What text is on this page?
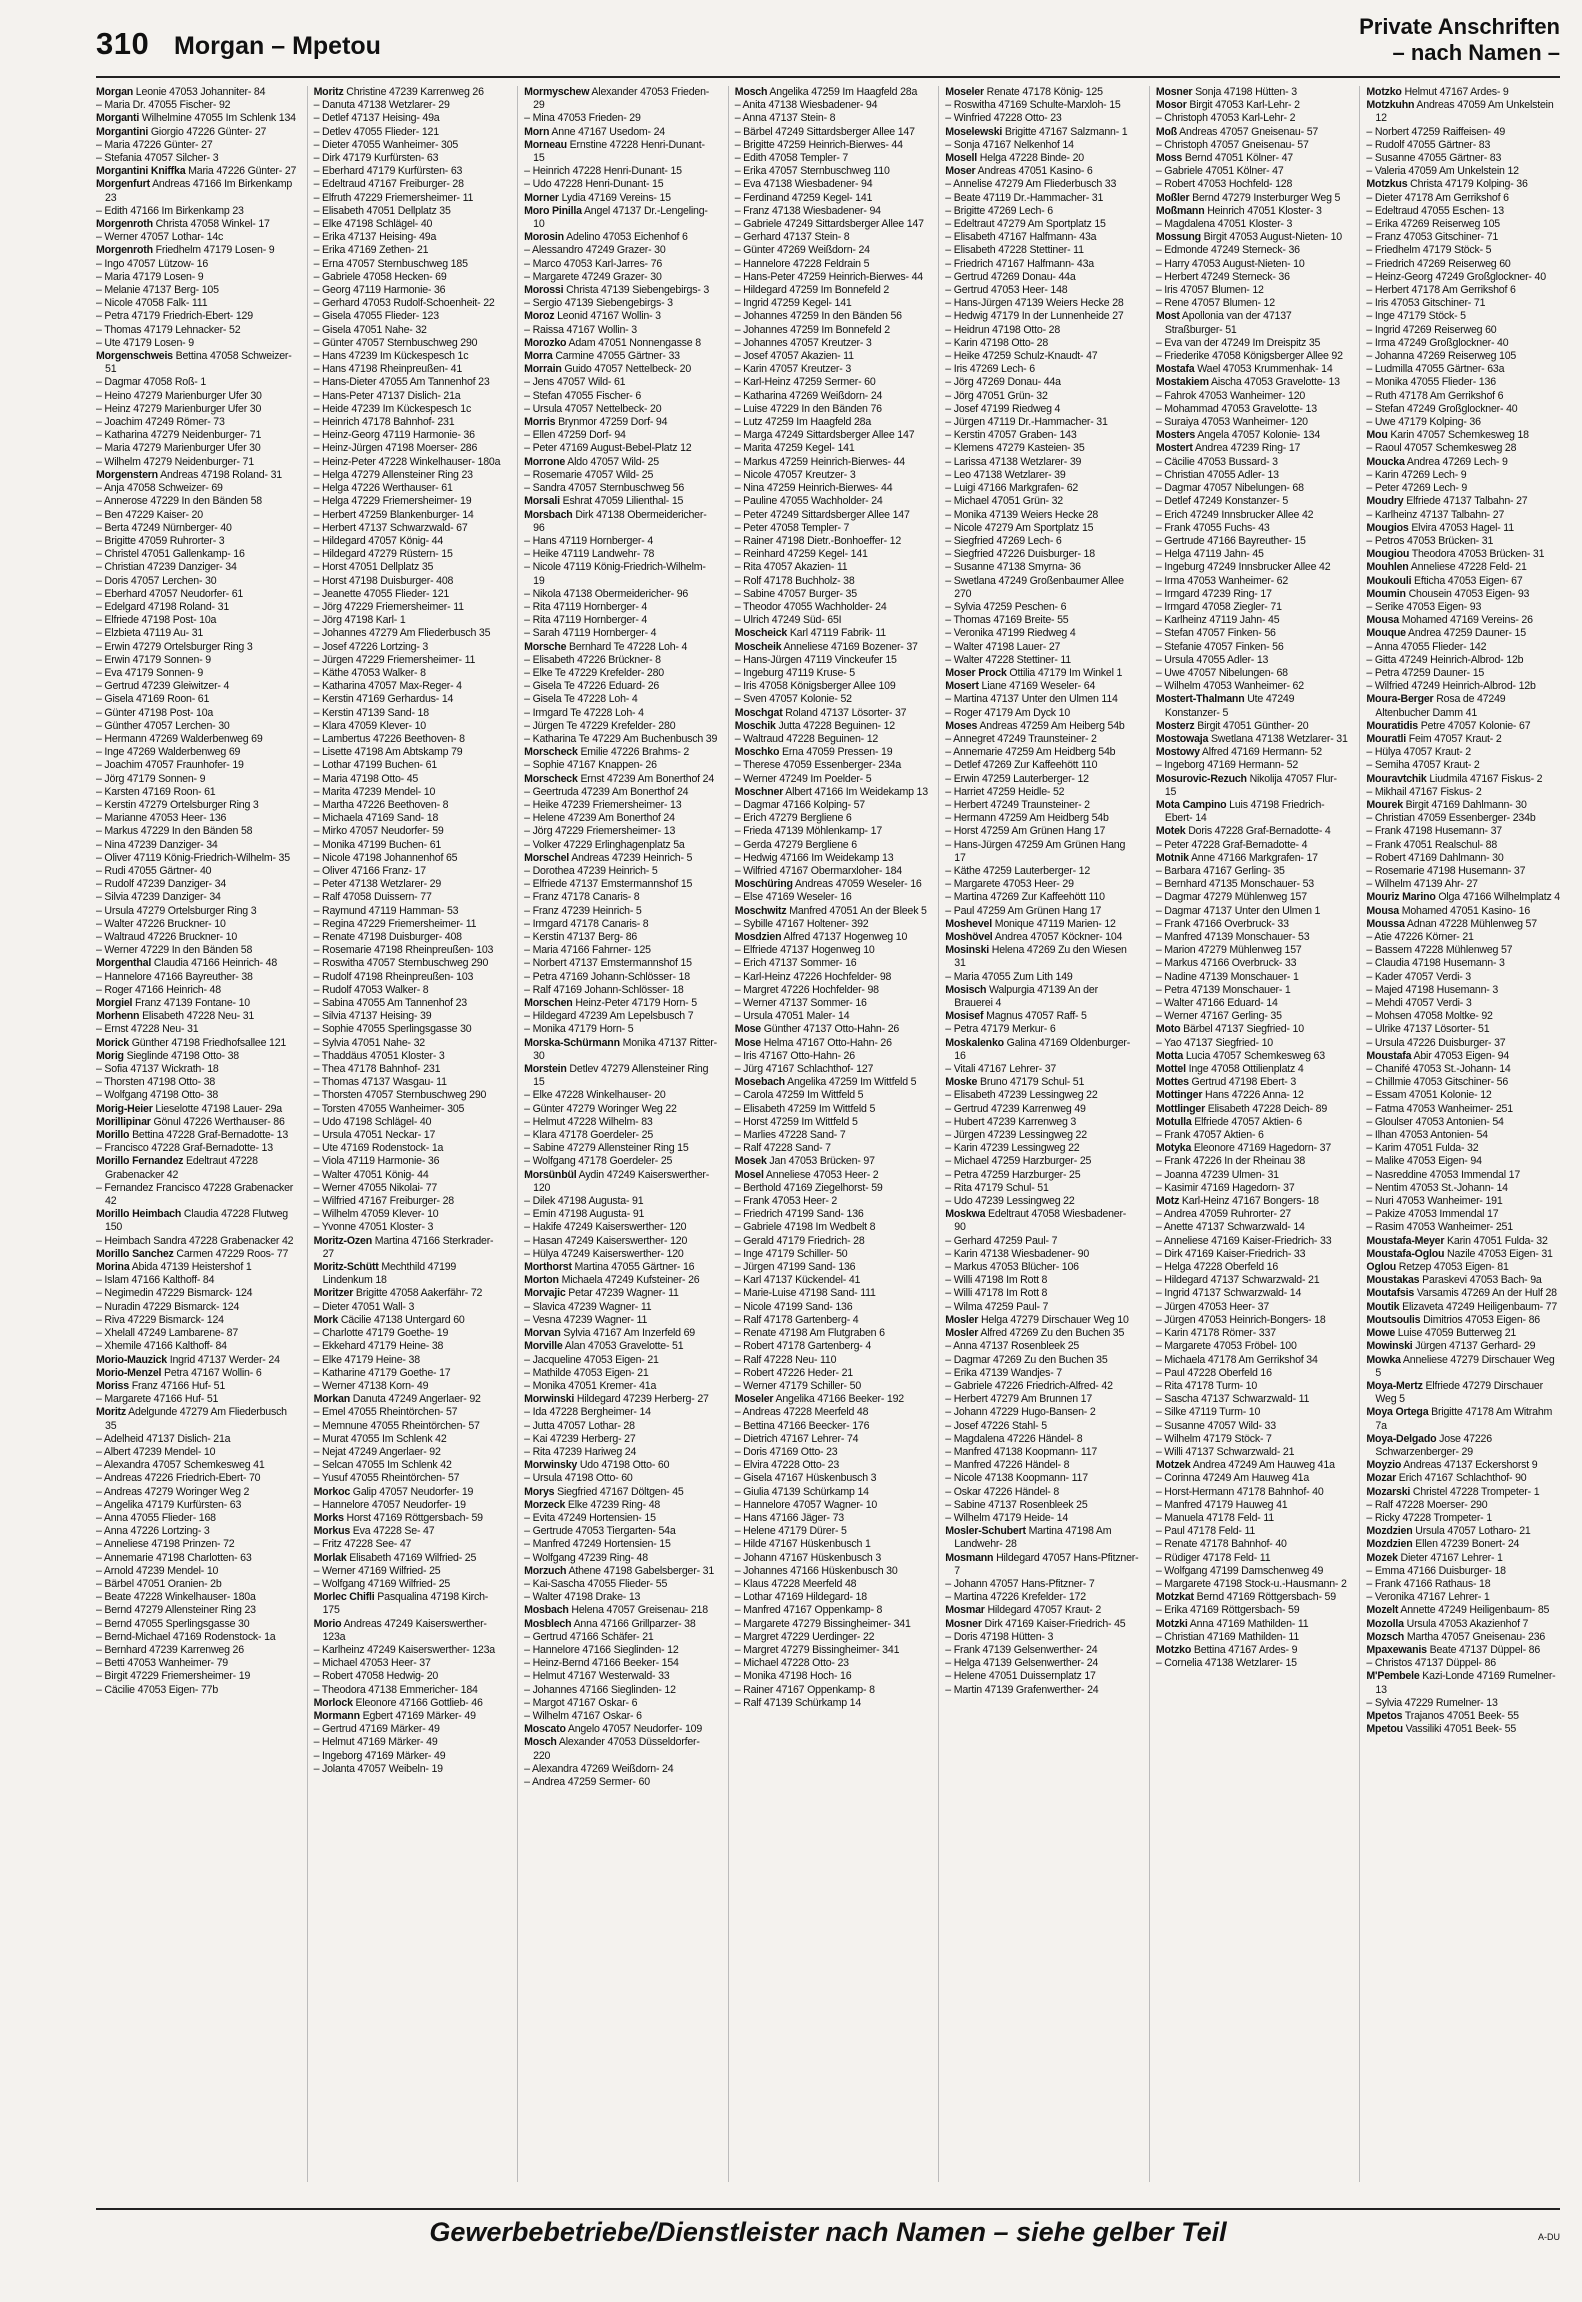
310 Morgan – Mpetou
Private Anschriften
– nach Namen –
Morgan Leonie 47053 Johanniter- 84
– Maria Dr. 47055 Fischer- 92
Morganti Wilhelmine 47055 Im Schlenk 134
Morgantini Giorgio 47226 Günter- 27
– Maria 47226 Günter- 27
– Stefania 47057 Silcher- 3
Morgantini Kniffka Maria 47226 Günter- 27
Morgenfurt Andreas 47166 Im Birkenkamp 23
– Edith 47166 Im Birkenkamp 23
Morgenroth Christa 47058 Winkel- 17
– Werner 47057 Lothar- 14c
Morgenroth Friedhelm 47179 Losen- 9
– Ingo 47057 Lützow- 16
– Maria 47179 Losen- 9
– Melanie 47137 Berg- 105
– Nicole 47058 Falk- 111
– Petra 47179 Friedrich-Ebert- 129
– Thomas 47179 Lehnacker- 52
– Ute 47179 Losen- 9
Morgenschweis Bettina 47058 Schweizer- 51
– Dagmar 47058 Roß- 1
– Heino 47279 Marienburger Ufer 30
– Heinz 47279 Marienburger Ufer 30
– Joachim 47249 Römer- 73
– Katharina 47279 Neidenburger- 71
– Maria 47279 Marienburger Ufer 30
– Wilhelm 47279 Neidenburger- 71
Morgenstern Andreas 47198 Roland- 31
– Anja 47058 Schweizer- 69
– Annerose 47229 In den Bänden 58
– Ben 47229 Kaiser- 20
– Berta 47249 Nürnberger- 40
– Brigitte 47059 Ruhrorter- 3
– Christel 47051 Gallenkamp- 16
– Christian 47239 Danziger- 34
– Doris 47057 Lerchen- 30
– Eberhard 47057 Neudorfer- 61
– Edelgard 47198 Roland- 31
– Elfriede 47198 Post- 10a
– Elzbieta 47119 Au- 31
– Erwin 47279 Ortelsburger Ring 3
– Erwin 47179 Sonnen- 9
– Eva 47179 Sonnen- 9
– Gertrud 47239 Gleiwitzer- 4
– Gisela 47169 Roon- 61
– Günter 47198 Post- 10a
– Günther 47057 Lerchen- 30
– Hermann 47269 Walderbenweg 69
– Inge 47269 Walderbenweg 69
– Joachim 47057 Fraunhofer- 19
– Jörg 47179 Sonnen- 9
– Karsten 47169 Roon- 61
– Kerstin 47279 Ortelsburger Ring 3
– Marianne 47053 Heer- 136
– Markus 47229 In den Bänden 58
– Nina 47239 Danziger- 34
– Oliver 47119 König-Friedrich-Wilhelm- 35
– Rudi 47055 Gärtner- 40
– Rudolf 47239 Danziger- 34
– Silvia 47239 Danziger- 34
– Ursula 47279 Ortelsburger Ring 3
– Walter 47226 Bruckner- 10
– Waltraud 47226 Bruckner- 10
– Werner 47229 In den Bänden 58
Morgenthal Claudia 47166 Heinrich- 48
– Hannelore 47166 Bayreuther- 38
– Roger 47166 Heinrich- 48
Morgiel Franz 47139 Fontane- 10
Morhenn Elisabeth 47228 Neu- 31
– Ernst 47228 Neu- 31
Morick Günther 47198 Friedhofsallee 121
Morig Sieglinde 47198 Otto- 38
– Sofia 47137 Wickrath- 18
– Thorsten 47198 Otto- 38
– Wolfgang 47198 Otto- 38
Morig-Heier Lieselotte 47198 Lauer- 29a
Morillipinar Gönul 47226 Werthauser- 86
Morillo Bettina 47228 Graf-Bernadotte- 13
– Francisco 47228 Graf-Bernadotte- 13
Morillo Fernandez Edeltraut 47228 Grabenacker 42
– Fernandez Francisco 47228 Grabenacker 42
Morillo Heimbach Claudia 47228 Flutweg 150
– Heimbach Sandra 47228 Grabenacker 42
Morillo Sanchez Carmen 47229 Roos- 77
Morina Abida 47139 Heistershof 1
– Islam 47166 Kalthoff- 84
– Negimedin 47229 Bismarck- 124
– Nuradin 47229 Bismarck- 124
– Riva 47229 Bismarck- 124
– Xhelall 47249 Lambarene- 87
– Xhemile 47166 Kalthoff- 84
Morio-Mauzick Ingrid 47137 Werder- 24
Morio-Menzel Petra 47167 Wollin- 6
Moriss Franz 47166 Huf- 51
– Margarete 47166 Huf- 51
Moritz Adelgunde 47279 Am Fliederbusch 35
– Adelheid 47137 Dislich- 21a
– Albert 47239 Mendel- 10
– Alexandra 47057 Schemkesweg 41
– Andreas 47226 Friedrich-Ebert- 70
– Andreas 47279 Woringer Weg 2
– Angelika 47179 Kurfürsten- 63
– Anna 47055 Flieder- 168
– Anna 47226 Lortzing- 3
– Anneliese 47198 Prinzen- 72
– Annemarie 47198 Charlotten- 63
– Arnold 47239 Mendel- 10
– Bärbel 47051 Oranien- 2b
– Beate 47228 Winkelhauser- 180a
– Bernd 47279 Allensteiner Ring 23
– Bernd 47055 Sperlingsgasse 30
– Bernd-Michael 47169 Rodenstock- 1a
– Bernhard 47239 Karrenweg 26
– Betti 47053 Wanheimer- 79
– Birgit 47229 Friemersheimer- 19
– Cäcilie 47053 Eigen- 77b
Moritz Christine 47239 Karrenweg 26
– Danuta 47138 Wetzlarer- 29
– Detlef 47137 Heising- 49a
– Detlev 47055 Flieder- 121
– Dieter 47055 Wanheimer- 305
– Dirk 47179 Kurfürsten- 63
– Eberhard 47179 Kurfürsten- 63
– Edeltraud 47167 Freiburger- 28
– Elfruth 47229 Friemersheimer- 11
– Elisabeth 47051 Dellplatz 35
– Elke 47198 Schlägel- 40
– Erika 47137 Heising- 49a
– Erika 47169 Zethen- 21
– Erna 47057 Sternbuschweg 185
– Gabriele 47058 Hecken- 69
– Georg 47119 Harmonie- 36
– Gerhard 47053 Rudolf-Schoenheit- 22
– Gisela 47055 Flieder- 123
– Gisela 47051 Nahe- 32
– Günter 47057 Sternbuschweg 290
– Hans 47239 Im Kückespesch 1c
– Hans 47198 Rheinpreußen- 41
– Hans-Dieter 47055 Am Tannenhof 23
– Hans-Peter 47137 Dislich- 21a
– Heide 47239 Im Kückespesch 1c
– Heinrich 47178 Bahnhof- 231
– Heinz-Georg 47119 Harmonie- 36
– Heinz-Jürgen 47198 Moerser- 286
– Heinz-Peter 47228 Winkelhauser- 180a
– Helga 47279 Allensteiner Ring 23
– Helga 47226 Werthauser- 61
– Helga 47229 Friemersheimer- 19
– Herbert 47259 Blankenburger- 14
– Herbert 47137 Schwarzwald- 67
– Hildegard 47057 König- 44
– Hildegard 47279 Rüstern- 15
– Horst 47051 Dellplatz 35
– Horst 47198 Duisburger- 408
– Jeanette 47055 Flieder- 121
– Jörg 47229 Friemersheimer- 11
– Jörg 47198 Karl- 1
– Johannes 47279 Am Fliederbusch 35
– Josef 47226 Lortzing- 3
– Jürgen 47229 Friemersheimer- 11
– Käthe 47053 Walker- 8
– Katharina 47057 Max-Reger- 4
– Kerstin 47169 Gerhardus- 14
– Kerstin 47139 Sand- 18
– Klara 47059 Klever- 10
– Lambertus 47226 Beethoven- 8
– Lisette 47198 Am Abtskamp 79
– Lothar 47199 Buchen- 61
– Maria 47198 Otto- 45
– Marita 47239 Mendel- 10
– Martha 47226 Beethoven- 8
– Michaela 47169 Sand- 18
– Mirko 47057 Neudorfer- 59
– Monika 47199 Buchen- 61
– Nicole 47198 Johannenhof 65
– Oliver 47166 Franz- 17
– Peter 47138 Wetzlarer- 29
– Ralf 47058 Duissern- 77
– Raymund 47119 Hamman- 53
– Regina 47229 Friemersheimer- 11
– Renate 47198 Duisburger- 408
– Rosemarie 47198 Rheinpreußen- 103
– Roswitha 47057 Sternbuschweg 290
– Rudolf 47198 Rheinpreußen- 103
– Rudolf 47053 Walker- 8
– Sabina 47055 Am Tannenhof 23
– Silvia 47137 Heising- 39
– Sophie 47055 Sperlingsgasse 30
– Sylvia 47051 Nahe- 32
– Thaddäus 47051 Kloster- 3
– Thea 47178 Bahnhof- 231
– Thomas 47137 Wasgau- 11
– Thorsten 47057 Sternbuschweg 290
– Torsten 47055 Wanheimer- 305
– Udo 47198 Schlägel- 40
– Ursula 47051 Neckar- 17
– Ute 47169 Rodenstock- 1a
– Viola 47119 Harmonie- 36
– Walter 47051 König- 44
– Werner 47055 Nikolai- 77
– Wilfried 47167 Freiburger- 28
– Wilhelm 47059 Klever- 10
– Yvonne 47051 Kloster- 3
Moritz-Ozen Martina 47166 Sterkrader- 27
Moritz-Schütt Mechthild 47199 Lindenkum 18
Moritzer Brigitte 47058 Aakerfähr- 72
– Dieter 47051 Wall- 3
Mork Cäcilie 47138 Untergard 60
– Charlotte 47179 Goethe- 19
– Ekkehard 47179 Heine- 38
– Elke 47179 Heine- 38
– Katharine 47179 Goethe- 17
– Werner 47138 Korn- 49
Morkan Danuta 47249 Angerlaer- 92
– Emel 47055 Rheintörchen- 57
– Memnune 47055 Rheintörchen- 57
– Murat 47055 Im Schlenk 42
– Nejat 47249 Angerlaer- 92
– Selcan 47055 Im Schlenk 42
– Yusuf 47055 Rheintörchen- 57
Morkoc Galip 47057 Neudorfer- 19
– Hannelore 47057 Neudorfer- 19
Morks Horst 47169 Röttgersbach- 59
Morkus Eva 47228 Se- 47
– Fritz 47228 See- 47
Morlak Elisabeth 47169 Wilfried- 25
– Werner 47169 Wilfried- 25
– Wolfgang 47169 Wilfried- 25
Morlec Chifli Pasqualina 47198 Kirch- 175
Morio Andreas 47249 Kaiserswerther- 123a
– Karlheinz 47249 Kaiserswerther- 123a
– Michael 47053 Heer- 37
– Robert 47058 Hedwig- 20
– Theodora 47138 Emmericher- 184
Morlock Eleonore 47166 Gottlieb- 46
Mormann Egbert 47169 Märker- 49
– Gertrud 47169 Märker- 49
– Helmut 47169 Märker- 49
– Ingeborg 47169 Märker- 49
– Jolanta 47057 Weibeln- 19
Mormyschew Alexander 47053 Frieden- 29
– Mina 47053 Frieden- 29
Morn Anne 47167 Usedom- 24
Morneau Ernstine 47228 Henri-Dunant- 15
– Heinrich 47228 Henri-Dunant- 15
– Udo 47228 Henri-Dunant- 15
Morner Lydia 47169 Vereins- 15
Moro Pinilla Angel 47137 Dr.-Lengeling- 10
Morosin Adelino 47053 Eichenhof 6
– Alessandro 47249 Grazer- 30
– Marco 47053 Karl-Jarres- 76
– Margarete 47249 Grazer- 30
Morossi Christa 47139 Siebengebirgs- 3
– Sergio 47139 Siebengebirgs- 3
Moroz Leonid 47167 Wollin- 3
– Raissa 47167 Wollin- 3
Morozko Adam 47051 Nonnengasse 8
Morra Carmine 47055 Gärtner- 33
Morrain Guido 47057 Nettelbeck- 20
– Jens 47057 Wild- 61
– Stefan 47055 Fischer- 6
– Ursula 47057 Nettelbeck- 20
Morris Brynmor 47259 Dorf- 94
– Ellen 47259 Dorf- 94
– Peter 47169 August-Bebel-Platz 12
Morrone Aldo 47057 Wild- 25
– Rosemarie 47057 Wild- 25
– Sandra 47057 Sternbuschweg 56
Morsali Eshrat 47059 Lilienthal- 15
Morsbach Dirk 47138 Obermeidericher- 96
– Hans 47119 Hornberger- 4
– Heike 47119 Landwehr- 78
– Nicole 47119 König-Friedrich-Wilhelm- 19
– Nikola 47138 Obermeidericher- 96
– Rita 47119 Hornberger- 4
– Rita 47119 Hornberger- 4
– Sarah 47119 Hornberger- 4
Morsche Bernhard Te 47228 Loh- 4
– Elisabeth 47226 Brückner- 8
– Elke Te 47229 Krefelder- 280
– Gisela Te 47226 Eduard- 26
– Gisela Te 47228 Loh- 4
– Irmgard Te 47228 Loh- 4
– Jürgen Te 47229 Krefelder- 280
– Katharina Te 47229 Am Buchenbusch 39
Morscheck Emilie 47226 Brahms- 2
– Sophie 47167 Knappen- 26
Morscheck Ernst 47239 Am Bonerthof 24
– Geertruda 47239 Am Bonerthof 24
– Heike 47239 Friemersheimer- 13
– Helene 47239 Am Bonerthof 24
– Jörg 47229 Friemersheimer- 13
– Volker 47229 Erlinghagenplatz 5a
Morschel Andreas 47239 Heinrich- 5
– Dorothea 47239 Heinrich- 5
– Elfriede 47137 Emstermannshof 15
– Franz 47178 Canaris- 8
– Franz 47239 Heinrich- 5
– Irmgard 47178 Canaris- 8
– Kerstin 47137 Berg- 86
– Maria 47166 Fahrner- 125
– Norbert 47137 Emstermannshof 15
– Petra 47169 Johann-Schlösser- 18
– Ralf 47169 Johann-Schlösser- 18
Morschen Heinz-Peter 47179 Horn- 5
– Hildegard 47239 Am Lepelsbusch 7
– Monika 47179 Horn- 5
Morska-Schürmann Monika 47137 Ritter- 30
Morstein Detlev 47279 Allensteiner Ring 15
– Elke 47228 Winkelhauser- 20
– Günter 47279 Woringer Weg 22
– Helmut 47228 Wilhelm- 83
– Klara 47178 Goerdeler- 25
– Sabine 47279 Allensteiner Ring 15
– Wolfgang 47178 Goerdeler- 25
Morsünbül Aydin 47249 Kaiserswerther- 120
– Dilek 47198 Augusta- 91
– Emin 47198 Augusta- 91
– Hakife 47249 Kaiserswerther- 120
– Hasan 47249 Kaiserswerther- 120
– Hülya 47249 Kaiserswerther- 120
Morthorst Martina 47055 Gärtner- 16
Morton Michaela 47249 Kufsteiner- 26
Morvajic Petar 47239 Wagner- 11
– Slavica 47239 Wagner- 11
– Vesna 47239 Wagner- 11
Morvan Sylvia 47167 Am Inzerfeld 69
Morville Alan 47053 Gravelotte- 51
– Jacqueline 47053 Eigen- 21
– Mathilde 47053 Eigen- 21
– Monika 47051 Kremer- 41a
Morwinski Hildegard 47239 Herberg- 27
– Ida 47228 Bergheimer- 14
– Jutta 47057 Lothar- 28
– Kai 47239 Herberg- 27
– Rita 47239 Hariweg 24
Morwinsky Udo 47198 Otto- 60
– Ursula 47198 Otto- 60
Morys Siegfried 47167 Döltgen- 45
Morzeck Elke 47239 Ring- 48
– Evita 47249 Hortensien- 15
– Gertrude 47053 Tiergarten- 54a
– Manfred 47249 Hortensien- 15
– Wolfgang 47239 Ring- 48
Morzuch Athene 47198 Gabelsberger- 31
– Kai-Sascha 47055 Flieder- 55
– Walter 47198 Drake- 13
Mosbach Helena 47057 Greisenau- 218
Mosblech Anna 47166 Grillparzer- 38
– Gertrud 47166 Schäfer- 21
– Hannelore 47166 Sieglinden- 12
– Heinz-Bernd 47166 Beeker- 154
– Helmut 47167 Westerwald- 33
– Johannes 47166 Sieglinden- 12
– Margot 47167 Oskar- 6
– Wilhelm 47167 Oskar- 6
Moscato Angelo 47057 Neudorfer- 109
Mosch Alexander 47053 Düsseldorfer- 220
– Alexandra 47269 Weißdorn- 24
– Andrea 47259 Sermer- 60
Mosch Angelika 47259 Im Haagfeld 28a
– Anita 47138 Wiesbadener- 94
– Anna 47137 Stein- 8
– Bärbel 47249 Sittardsberger Allee 147
– Brigitte 47259 Heinrich-Bierwes- 44
– Edith 47058 Templer- 7
– Erika 47057 Sternbuschweg 110
– Eva 47138 Wiesbadener- 94
– Ferdinand 47259 Kegel- 141
– Franz 47138 Wiesbadener- 94
– Gabriele 47249 Sittardsberger Allee 147
– Gerhard 47137 Stein- 8
– Günter 47269 Weißdorn- 24
– Hannelore 47228 Feldrain 5
– Hans-Peter 47259 Heinrich-Bierwes- 44
– Hildegard 47259 Im Bonnefeld 2
– Ingrid 47259 Kegel- 141
– Johannes 47259 In den Bänden 56
– Johannes 47259 Im Bonnefeld 2
– Johannes 47057 Kreutzer- 3
– Josef 47057 Akazien- 11
– Karin 47057 Kreutzer- 3
– Karl-Heinz 47259 Sermer- 60
– Katharina 47269 Weißdorn- 24
– Luise 47229 In den Bänden 76
– Lutz 47259 Im Haagfeld 28a
– Marga 47249 Sittardsberger Allee 147
– Marita 47259 Kegel- 141
– Markus 47259 Heinrich-Bierwes- 44
– Nicole 47057 Kreutzer- 3
– Nina 47259 Heinrich-Bierwes- 44
– Pauline 47055 Wachholder- 24
– Peter 47249 Sittardsberger Allee 147
– Peter 47058 Templer- 7
– Rainer 47198 Dietr.-Bonhoeffer- 12
– Reinhard 47259 Kegel- 141
– Rita 47057 Akazien- 11
– Rolf 47178 Buchholz- 38
– Sabine 47057 Burger- 35
– Theodor 47055 Wachholder- 24
– Ulrich 47249 Süd- 65I
Moscheick Karl 47119 Fabrik- 11
Moscheik Anneliese 47169 Bozener- 37
– Hans-Jürgen 47119 Vinckeufer 15
– Ingeburg 47119 Kruse- 5
– Iris 47058 Königsberger Allee 109
– Sven 47057 Kolonie- 52
Moschgat Roland 47137 Lösorter- 37
Moschik Jutta 47228 Beguinen- 12
– Waltraud 47228 Beguinen- 12
Moschko Erna 47059 Pressen- 19
– Therese 47059 Essenberger- 234a
– Werner 47249 Im Poelder- 5
Moschner Albert 47166 Im Weidekamp 13
– Dagmar 47166 Kolping- 57
– Erich 47279 Bergliene 6
– Frieda 47139 Möhlenkamp- 17
– Gerda 47279 Bergliene 6
– Hedwig 47166 Im Weidekamp 13
– Wilfried 47167 Obermarxloher- 184
Moschüring Andreas 47059 Weseler- 16
– Else 47169 Weseler- 16
Moschwitz Manfred 47051 An der Bleek 5
– Sybille 47167 Holtener- 392
Mosdzien Alfred 47137 Hogenweg 10
– Elfriede 47137 Hogenweg 10
– Erich 47137 Sommer- 16
– Karl-Heinz 47226 Hochfelder- 98
– Margret 47226 Hochfelder- 98
– Werner 47137 Sommer- 16
– Ursula 47051 Maler- 14
Mose Günther 47137 Otto-Hahn- 26
Mose Helma 47167 Otto-Hahn- 26
– Iris 47167 Otto-Hahn- 26
– Jürg 47167 Schlachthof- 127
Mosebach Angelika 47259 Im Wittfeld 5
– Carola 47259 Im Wittfeld 5
– Elisabeth 47259 Im Wittfeld 5
– Horst 47259 Im Wittfeld 5
– Marlies 47228 Sand- 7
– Ralf 47228 Sand- 7
Mosek Jan 47053 Brücken- 97
Mosel Anneliese 47053 Heer- 2
– Berthold 47169 Ziegelhorst- 59
– Frank 47053 Heer- 2
– Friedrich 47199 Sand- 136
– Gabriele 47198 Im Wedbelt 8
– Gerald 47179 Friedrich- 28
– Inge 47179 Schiller- 50
– Jürgen 47199 Sand- 136
– Karl 47137 Kückendel- 41
– Marie-Luise 47198 Sand- 111
– Nicole 47199 Sand- 136
– Ralf 47178 Gartenberg- 4
– Renate 47198 Am Flutgraben 6
– Robert 47178 Gartenberg- 4
– Ralf 47228 Neu- 110
– Robert 47226 Heder- 21
– Werner 47179 Schiller- 50
Moseler Angelika 47166 Beeker- 192
– Andreas 47228 Meerfeld 48
– Bettina 47166 Beecker- 176
– Dietrich 47167 Lehrer- 74
– Doris 47169 Otto- 23
– Elvira 47228 Otto- 23
– Gisela 47167 Hüskenbusch 3
– Giulia 47139 Schürkamp 14
– Hannelore 47057 Wagner- 10
– Hans 47166 Jäger- 73
– Helene 47179 Dürer- 5
– Hilde 47167 Hüskenbusch 1
– Johann 47167 Hüskenbusch 3
– Johannes 47166 Hüskenbusch 30
– Klaus 47228 Meerfeld 48
– Lothar 47169 Hildegard- 18
– Manfred 47167 Oppenkamp- 8
– Margarete 47279 Bissingheimer- 341
– Margret 47229 Uerdinger- 22
– Margret 47279 Bissingheimer- 341
– Michael 47228 Otto- 23
– Monika 47198 Hoch- 16
– Rainer 47167 Oppenkamp- 8
– Ralf 47139 Schürkamp 14
Moseler Renate 47178 König- 125
– Roswitha 47169 Schulte-Marxloh- 15
– Winfried 47228 Otto- 23
Moselewski Brigitte 47167 Salzmann- 1
– Sonja 47167 Nelkenhof 14
Mosell Helga 47228 Binde- 20
Moser Andreas 47051 Kasino- 6
– Annelise 47279 Am Fliederbusch 33
– Beate 47119 Dr.-Hammacher- 31
– Brigitte 47269 Lech- 6
– Edeltraut 47279 Am Sportplatz 15
– Elisabeth 47167 Halfmann- 43a
– Elisabeth 47228 Stettiner- 11
– Friedrich 47167 Halfmann- 43a
– Gertrud 47269 Donau- 44a
– Gertrud 47053 Heer- 148
– Hans-Jürgen 47139 Weiers Hecke 28
– Hedwig 47179 In der Lunnenheide 27
– Heidrun 47198 Otto- 28
– Karin 47198 Otto- 28
– Heike 47259 Schulz-Knaudt- 47
– Iris 47269 Lech- 6
– Jörg 47269 Donau- 44a
– Jörg 47051 Grün- 32
– Josef 47199 Riedweg 4
– Jürgen 47119 Dr.-Hammacher- 31
– Kerstin 47057 Graben- 143
– Klemens 47279 Kasteien- 35
– Larissa 47138 Wetzlarer- 39
– Leo 47138 Wetzlarer- 39
– Luigi 47166 Markgrafen- 62
– Michael 47051 Grün- 32
– Monika 47139 Weiers Hecke 28
– Nicole 47279 Am Sportplatz 15
– Siegfried 47269 Lech- 6
– Siegfried 47226 Duisburger- 18
– Susanne 47138 Smyrna- 36
– Swetlana 47249 Großenbaumer Allee 270
– Sylvia 47259 Peschen- 6
– Thomas 47169 Breite- 55
– Veronika 47199 Riedweg 4
– Walter 47198 Lauer- 27
– Walter 47228 Stettiner- 11
Moser Prock Ottilia 47179 Im Winkel 1
Mosert Liane 47169 Weseler- 64
– Martina 47137 Unter den Ulmen 114
– Roger 47179 Am Dyck 10
Moses Andreas 47259 Am Heiberg 54b
– Annegret 47249 Traunsteiner- 2
– Annemarie 47259 Am Heidberg 54b
– Detlef 47269 Zur Kaffeehött 110
– Erwin 47259 Lauterberger- 12
– Harriet 47259 Heidle- 52
– Herbert 47249 Traunsteiner- 2
– Hermann 47259 Am Heidberg 54b
– Horst 47259 Am Grünen Hang 17
– Hans-Jürgen 47259 Am Grünen Hang 17
– Käthe 47259 Lauterberger- 12
– Margarete 47053 Heer- 29
– Martina 47269 Zur Kaffeehött 110
– Paul 47259 Am Grünen Hang 17
Moshevel Monique 47119 Marien- 12
Moshövel Andrea 47057 Köckner- 104
Mosinski Helena 47269 Zu den Wiesen 31
– Maria 47055 Zum Lith 149
Mosisch Walpurgia 47139 An der Brauerei 4
Mosisef Magnus 47057 Raff- 5
– Petra 47179 Merkur- 6
Moskalenko Galina 47169 Oldenburger- 16
– Vitali 47167 Lehrer- 37
Moske Bruno 47179 Schul- 51
– Elisabeth 47239 Lessingweg 22
– Gertrud 47239 Karrenweg 49
– Hubert 47239 Karrenweg 3
– Jürgen 47239 Lessingweg 22
– Karin 47239 Lessingweg 22
– Michael 47259 Harzburger- 25
– Petra 47259 Harzburger- 25
– Rita 47179 Schul- 51
– Udo 47239 Lessingweg 22
Moskwa Edeltraut 47058 Wiesbadener- 90
– Gerhard 47259 Paul- 7
– Karin 47138 Wiesbadener- 90
– Markus 47053 Blücher- 106
– Willi 47198 Im Rott 8
– Willi 47178 Im Rott 8
– Wilma 47259 Paul- 7
Mosler Helga 47279 Dirschauer Weg 10
Mosler Alfred 47269 Zu den Buchen 35
– Anna 47137 Rosenbleek 25
– Dagmar 47269 Zu den Buchen 35
– Erika 47139 Wandjes- 7
– Gabriele 47226 Friedrich-Alfred- 42
– Herbert 47279 Am Brunnen 17
– Johann 47229 Hugo-Bansen- 2
– Josef 47226 Stahl- 5
– Magdalena 47226 Händel- 8
– Manfred 47138 Koopmann- 117
– Manfred 47226 Händel- 8
– Nicole 47138 Koopmann- 117
– Oskar 47226 Händel- 8
– Sabine 47137 Rosenbleek 25
– Wilhelm 47179 Heide- 14
Mosler-Schubert Martina 47198 Am Landwehr- 28
Mosmann Hildegard 47057 Hans-Pfitzner- 7
– Johann 47057 Hans-Pfitzner- 7
– Martina 47226 Krefelder- 172
Mosmar Hildegard 47057 Kraut- 2
Mosner Dirk 47169 Kaiser-Friedrich- 45
– Doris 47198 Hütten- 3
– Frank 47139 Gelsenwerther- 24
– Helga 47139 Gelsenwerther- 24
– Helene 47051 Duissernplatz 17
– Martin 47139 Grafenwerther- 24
Mosner Sonja 47198 Hütten- 3
Mosor Birgit 47053 Karl-Lehr- 2
– Christoph 47053 Karl-Lehr- 2
Moß Andreas 47057 Gneisenau- 57
– Christoph 47057 Gneisenau- 57
Moss Bernd 47051 Kölner- 47
– Gabriele 47051 Kölner- 47
– Robert 47053 Hochfeld- 128
Moßler Bernd 47279 Insterburger Weg 5
Moßmann Heinrich 47051 Kloster- 3
– Magdalena 47051 Kloster- 3
Mossung Birgit 47053 August-Nieten- 10
– Edmonde 47249 Sterneck- 36
– Harry 47053 August-Nieten- 10
– Herbert 47249 Sterneck- 36
– Iris 47057 Blumen- 12
– Rene 47057 Blumen- 12
Most Apollonia van der 47137 Straßburger- 51
– Eva van der 47249 Im Dreispitz 35
– Friederike 47058 Königsberger Allee 92
Mostafa Wael 47053 Krummenhak- 14
Mostakiem Aischa 47053 Gravelotte- 13
– Fahrok 47053 Wanheimer- 120
– Mohammad 47053 Gravelotte- 13
– Suraiya 47053 Wanheimer- 120
Mosters Angela 47057 Kolonie- 134
Mostert Andrea 47239 Ring- 17
– Cäcilie 47053 Bussard- 3
– Christian 47055 Adler- 13
– Dagmar 47057 Nibelungen- 68
– Detlef 47249 Konstanzer- 5
– Erich 47249 Innsbrucker Allee 42
– Frank 47055 Fuchs- 43
– Gertrude 47166 Bayreuther- 15
– Helga 47119 Jahn- 45
– Ingeburg 47249 Innsbrucker Allee 42
– Irma 47053 Wanheimer- 62
– Irmgard 47239 Ring- 17
– Irmgard 47058 Ziegler- 71
– Karlheinz 47119 Jahn- 45
– Stefan 47057 Finken- 56
– Stefanie 47057 Finken- 56
– Ursula 47055 Adler- 13
– Uwe 47057 Nibelungen- 68
– Wilhelm 47053 Wanheimer- 62
Mostert-Thalmann Ute 47249 Konstanzer- 5
Mosterz Birgit 47051 Günther- 20
Mostowaja Swetlana 47138 Wetzlarer- 31
Mostowy Alfred 47169 Hermann- 52
– Ingeborg 47169 Hermann- 52
Mosurovic-Rezuch Nikolija 47057 Flur- 15
Mota Campino Luis 47198 Friedrich-Ebert- 14
Motek Doris 47228 Graf-Bernadotte- 4
– Peter 47228 Graf-Bernadotte- 4
Motnik Anne 47166 Markgrafen- 17
– Barbara 47167 Gerling- 35
– Bernhard 47135 Monschauer- 53
– Dagmar 47279 Mühlenweg 157
– Dagmar 47137 Unter den Ulmen 1
– Frank 47166 Overbruck- 33
– Manfred 47139 Monschauer- 53
– Marion 47279 Mühlenweg 157
– Markus 47166 Overbruck- 33
– Nadine 47139 Monschauer- 1
– Petra 47139 Monschauer- 1
– Walter 47166 Eduard- 14
– Werner 47167 Gerling- 35
Moto Bärbel 47137 Siegfried- 10
– Yao 47137 Siegfried- 10
Motta Lucia 47057 Schemkesweg 63
Mottel Inge 47058 Ottilienplatz 4
Mottes Gertrud 47198 Ebert- 3
Mottinger Hans 47226 Anna- 12
Mottlinger Elisabeth 47228 Deich- 89
Motulla Elfriede 47057 Aktien- 6
– Frank 47057 Aktien- 6
Motyka Eleonore 47169 Hagedorn- 37
– Frank 47226 In der Rheinau 38
– Joanna 47239 Ulmen- 31
– Kasimir 47169 Hagedorn- 37
Motz Karl-Heinz 47167 Bongers- 18
– Andrea 47059 Ruhrorter- 27
– Anette 47137 Schwarzwald- 14
– Anneliese 47169 Kaiser-Friedrich- 33
– Dirk 47169 Kaiser-Friedrich- 33
– Helga 47228 Oberfeld 16
– Hildegard 47137 Schwarzwald- 21
– Ingrid 47137 Schwarzwald- 14
– Jürgen 47053 Heer- 37
– Jürgen 47053 Heinrich-Bongers- 18
– Karin 47178 Römer- 337
– Margarete 47053 Fröbel- 100
– Michaela 47178 Am Gerrikshof 34
– Paul 47228 Oberfeld 16
– Rita 47178 Turm- 10
– Sascha 47137 Schwarzwald- 11
– Silke 47119 Turm- 10
– Susanne 47057 Wild- 33
– Wilhelm 47179 Stöck- 7
– Willi 47137 Schwarzwald- 21
Motzek Andrea 47249 Am Hauweg 41a
– Corinna 47249 Am Hauweg 41a
– Horst-Hermann 47178 Bahnhof- 40
– Manfred 47179 Hauweg 41
– Manuela 47178 Feld- 11
– Paul 47178 Feld- 11
– Renate 47178 Bahnhof- 40
– Rüdiger 47178 Feld- 11
– Wolfgang 47199 Damschenweg 49
– Margarete 47198 Stock-u.-Hausmann- 2
Motzkat Bernd 47169 Röttgersbach- 59
– Erika 47169 Röttgersbach- 59
Motzki Anna 47169 Mathilden- 11
– Christian 47169 Mathilden- 11
Motzko Bettina 47167 Ardes- 9
– Cornelia 47138 Wetzlarer- 15
Motzko Helmut 47167 Ardes- 9
Motzkuhn Andreas 47059 Am Unkelstein 12
– Norbert 47259 Raiffeisen- 49
– Rudolf 47055 Gärtner- 83
– Susanne 47055 Gärtner- 83
– Valeria 47059 Am Unkelstein 12
Motzkus Christa 47179 Kolping- 36
– Dieter 47178 Am Gerrikshof 6
– Edeltraud 47055 Eschen- 13
– Erika 47269 Reiserweg 105
– Franz 47053 Gitschiner- 71
– Friedhelm 47179 Stöck- 5
– Friedrich 47269 Reiserweg 60
– Heinz-Georg 47249 Großglockner- 40
– Herbert 47178 Am Gerrikshof 6
– Iris 47053 Gitschiner- 71
– Inge 47179 Stöck- 5
– Ingrid 47269 Reiserweg 60
– Irma 47249 Großglockner- 40
– Johanna 47269 Reiserweg 105
– Ludmilla 47055 Gärtner- 63a
– Monika 47055 Flieder- 136
– Ruth 47178 Am Gerrikshof 6
– Stefan 47249 Großglockner- 40
– Uwe 47179 Kolping- 36
Mou Karin 47057 Schemkesweg 18
– Raoul 47057 Schemkesweg 28
Moucka Andrea 47269 Lech- 9
– Karin 47269 Lech- 9
– Peter 47269 Lech- 9
Moudry Elfriede 47137 Talbahn- 27
– Karlheinz 47137 Talbahn- 27
Mougios Elvira 47053 Hagel- 11
– Petros 47053 Brücken- 31
Mougiou Theodora 47053 Brücken- 31
Mouhlen Anneliese 47228 Feld- 21
Moukouli Efticha 47053 Eigen- 67
Moumin Chousein 47053 Eigen- 93
– Serike 47053 Eigen- 93
Mousa Mohamed 47169 Vereins- 26
Mouque Andrea 47259 Dauner- 15
– Anna 47055 Flieder- 142
– Gitta 47249 Heinrich-Albrod- 12b
– Petra 47259 Dauner- 15
– Wilfried 47249 Heinrich-Albrod- 12b
Moura-Berger Rosa de 47249 Altenbucher Damm 41
Mouratidis Petre 47057 Kolonie- 67
Mouratli Feim 47057 Kraut- 2
– Hülya 47057 Kraut- 2
– Semiha 47057 Kraut- 2
Mouravtchik Liudmila 47167 Fiskus- 2
– Mikhail 47167 Fiskus- 2
Mourek Birgit 47169 Dahlmann- 30
– Christian 47059 Essenberger- 234b
– Frank 47198 Husemann- 37
– Frank 47051 Realschul- 88
– Robert 47169 Dahlmann- 30
– Rosemarie 47198 Husemann- 37
– Wilhelm 47139 Ahr- 27
Mouriz Marino Olga 47166 Wilhelmplatz 4
Mousa Mohamed 47051 Kasino- 16
Moussa Adnan 47228 Mühlenweg 57
– Atie 47226 Körner- 21
– Bassem 47228 Mühlenweg 57
– Claudia 47198 Husemann- 3
– Kader 47057 Verdi- 3
– Majed 47198 Husemann- 3
– Mehdi 47057 Verdi- 3
– Mohsen 47058 Moltke- 92
– Ulrike 47137 Lösorter- 51
– Ursula 47226 Duisburger- 37
Moustafa Abir 47053 Eigen- 94
– Chanifé 47053 St.-Johann- 14
– Chillmie 47053 Gitschiner- 56
– Essam 47051 Kolonie- 12
– Fatma 47053 Wanheimer- 251
– Gloulser 47053 Antonien- 54
– Ilhan 47053 Antonien- 54
– Karim 47051 Fulda- 32
– Malike 47053 Eigen- 94
– Nasreddine 47053 Immendal 17
– Nentim 47053 St.-Johann- 14
– Nuri 47053 Wanheimer- 191
– Pakize 47053 Immendal 17
– Rasim 47053 Wanheimer- 251
Moustafa-Meyer Karin 47051 Fulda- 32
Moustafa-Oglou Nazile 47053 Eigen- 31
Oglou Retzep 47053 Eigen- 81
Moustakas Paraskevi 47053 Bach- 9a
Moutafsis Varsamis 47269 An der Hulf 28
Moutik Elizaveta 47249 Heiligenbaum- 77
Moutsoulis Dimitrios 47053 Eigen- 86
Mowe Luise 47059 Butterweg 21
Mowinski Jürgen 47137 Gerhard- 29
Mowka Anneliese 47279 Dirschauer Weg 5
Moya-Mertz Elfriede 47279 Dirschauer Weg 5
Moya Ortega Brigitte 47178 Am Witrahm 7a
Moya-Delgado Jose 47226 Schwarzenberger- 29
Moyzio Andreas 47137 Eckershorst 9
Mozar Erich 47167 Schlachthof- 90
Mozarski Christel 47228 Trompeter- 1
– Ralf 47228 Moerser- 290
– Ricky 47228 Trompeter- 1
Mozdzien Ursula 47057 Lotharo- 21
Mozdzien Ellen 47239 Bonert- 24
Mozek Dieter 47167 Lehrer- 1
– Emma 47166 Duisburger- 18
– Frank 47166 Rathaus- 18
– Veronika 47167 Lehrer- 1
Mozelt Annette 47249 Heiligenbaum- 85
Mozolla Ursula 47053 Akazienhof 7
Mozsch Martha 47057 Gneisenau- 236
Mpaxewanis Beate 47137 Düppel- 86
– Christos 47137 Düppel- 86
M'Pembele Kazi-Londe 47169 Rumelner- 13
– Sylvia 47229 Rumelner- 13
Mpetos Trajanos 47051 Beek- 55
Mpetou Vassiliki 47051 Beek- 55
Gewerbebetriebe/Dienstleister nach Namen – siehe gelber Teil	A-DU
